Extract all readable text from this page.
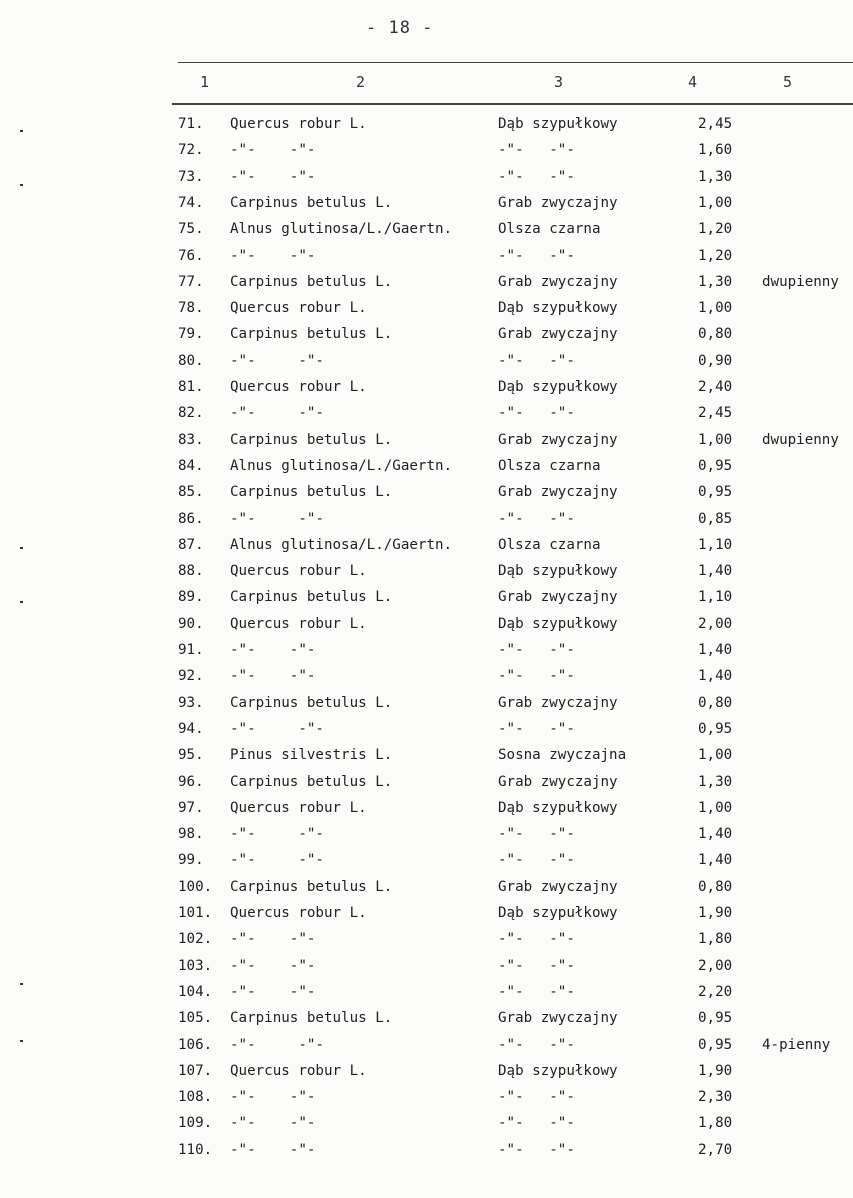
- 18 -
1	2	3	4	5
71. Quercus robur L.	Dąb szypułkowy	2,45
72. -"-    -"-	-"-   -"-	1,60
73. -"-    -"-	-"-   -"-	1,30
74. Carpinus betulus L.	Grab zwyczajny	1,00
75. Alnus glutinosa/L./Gaertn.	Olsza czarna	1,20
76. -"-    -"-	-"-   -"-	1,20
77. Carpinus betulus L.	Grab zwyczajny	1,30 dwupienny
78. Quercus robur L.	Dąb szypułkowy	1,00
79. Carpinus betulus L.	Grab zwyczajny	0,80
80. -"-     -"-	-"-   -"-	0,90
81. Quercus robur L.	Dąb szypułkowy	2,40
82. -"-     -"-	-"-   -"-	2,45
83. Carpinus betulus L.	Grab zwyczajny	1,00 dwupienny
84. Alnus glutinosa/L./Gaertn.	Olsza czarna	0,95
85. Carpinus betulus L.	Grab zwyczajny	0,95
86. -"-     -"-	-"-   -"-	0,85
87. Alnus glutinosa/L./Gaertn.	Olsza czarna	1,10
88. Quercus robur L.	Dąb szypułkowy	1,40
89. Carpinus betulus L.	Grab zwyczajny	1,10
90. Quercus robur L.	Dąb szypułkowy	2,00
91. -"-    -"-	-"-   -"-	1,40
92. -"-    -"-	-"-   -"-	1,40
93. Carpinus betulus L.	Grab zwyczajny	0,80
94. -"-     -"-	-"-   -"-	0,95
95. Pinus silvestris L.	Sosna zwyczajna	1,00
96. Carpinus betulus L.	Grab zwyczajny	1,30
97. Quercus robur L.	Dąb szypułkowy	1,00
98. -"-     -"-	-"-   -"-	1,40
99. -"-     -"-	-"-   -"-	1,40
100. Carpinus betulus L.	Grab zwyczajny	0,80
101. Quercus robur L.	Dąb szypułkowy	1,90
102. -"-    -"-	-"-   -"-	1,80
103. -"-    -"-	-"-   -"-	2,00
104. -"-    -"-	-"-   -"-	2,20
105. Carpinus betulus L.	Grab zwyczajny	0,95
106. -"-     -"-	-"-   -"-	0,95 4-pienny
107. Quercus robur L.	Dąb szypułkowy	1,90
108. -"-    -"-	-"-   -"-	2,30
109. -"-    -"-	-"-   -"-	1,80
110. -"-    -"-	-"-   -"-	2,70
